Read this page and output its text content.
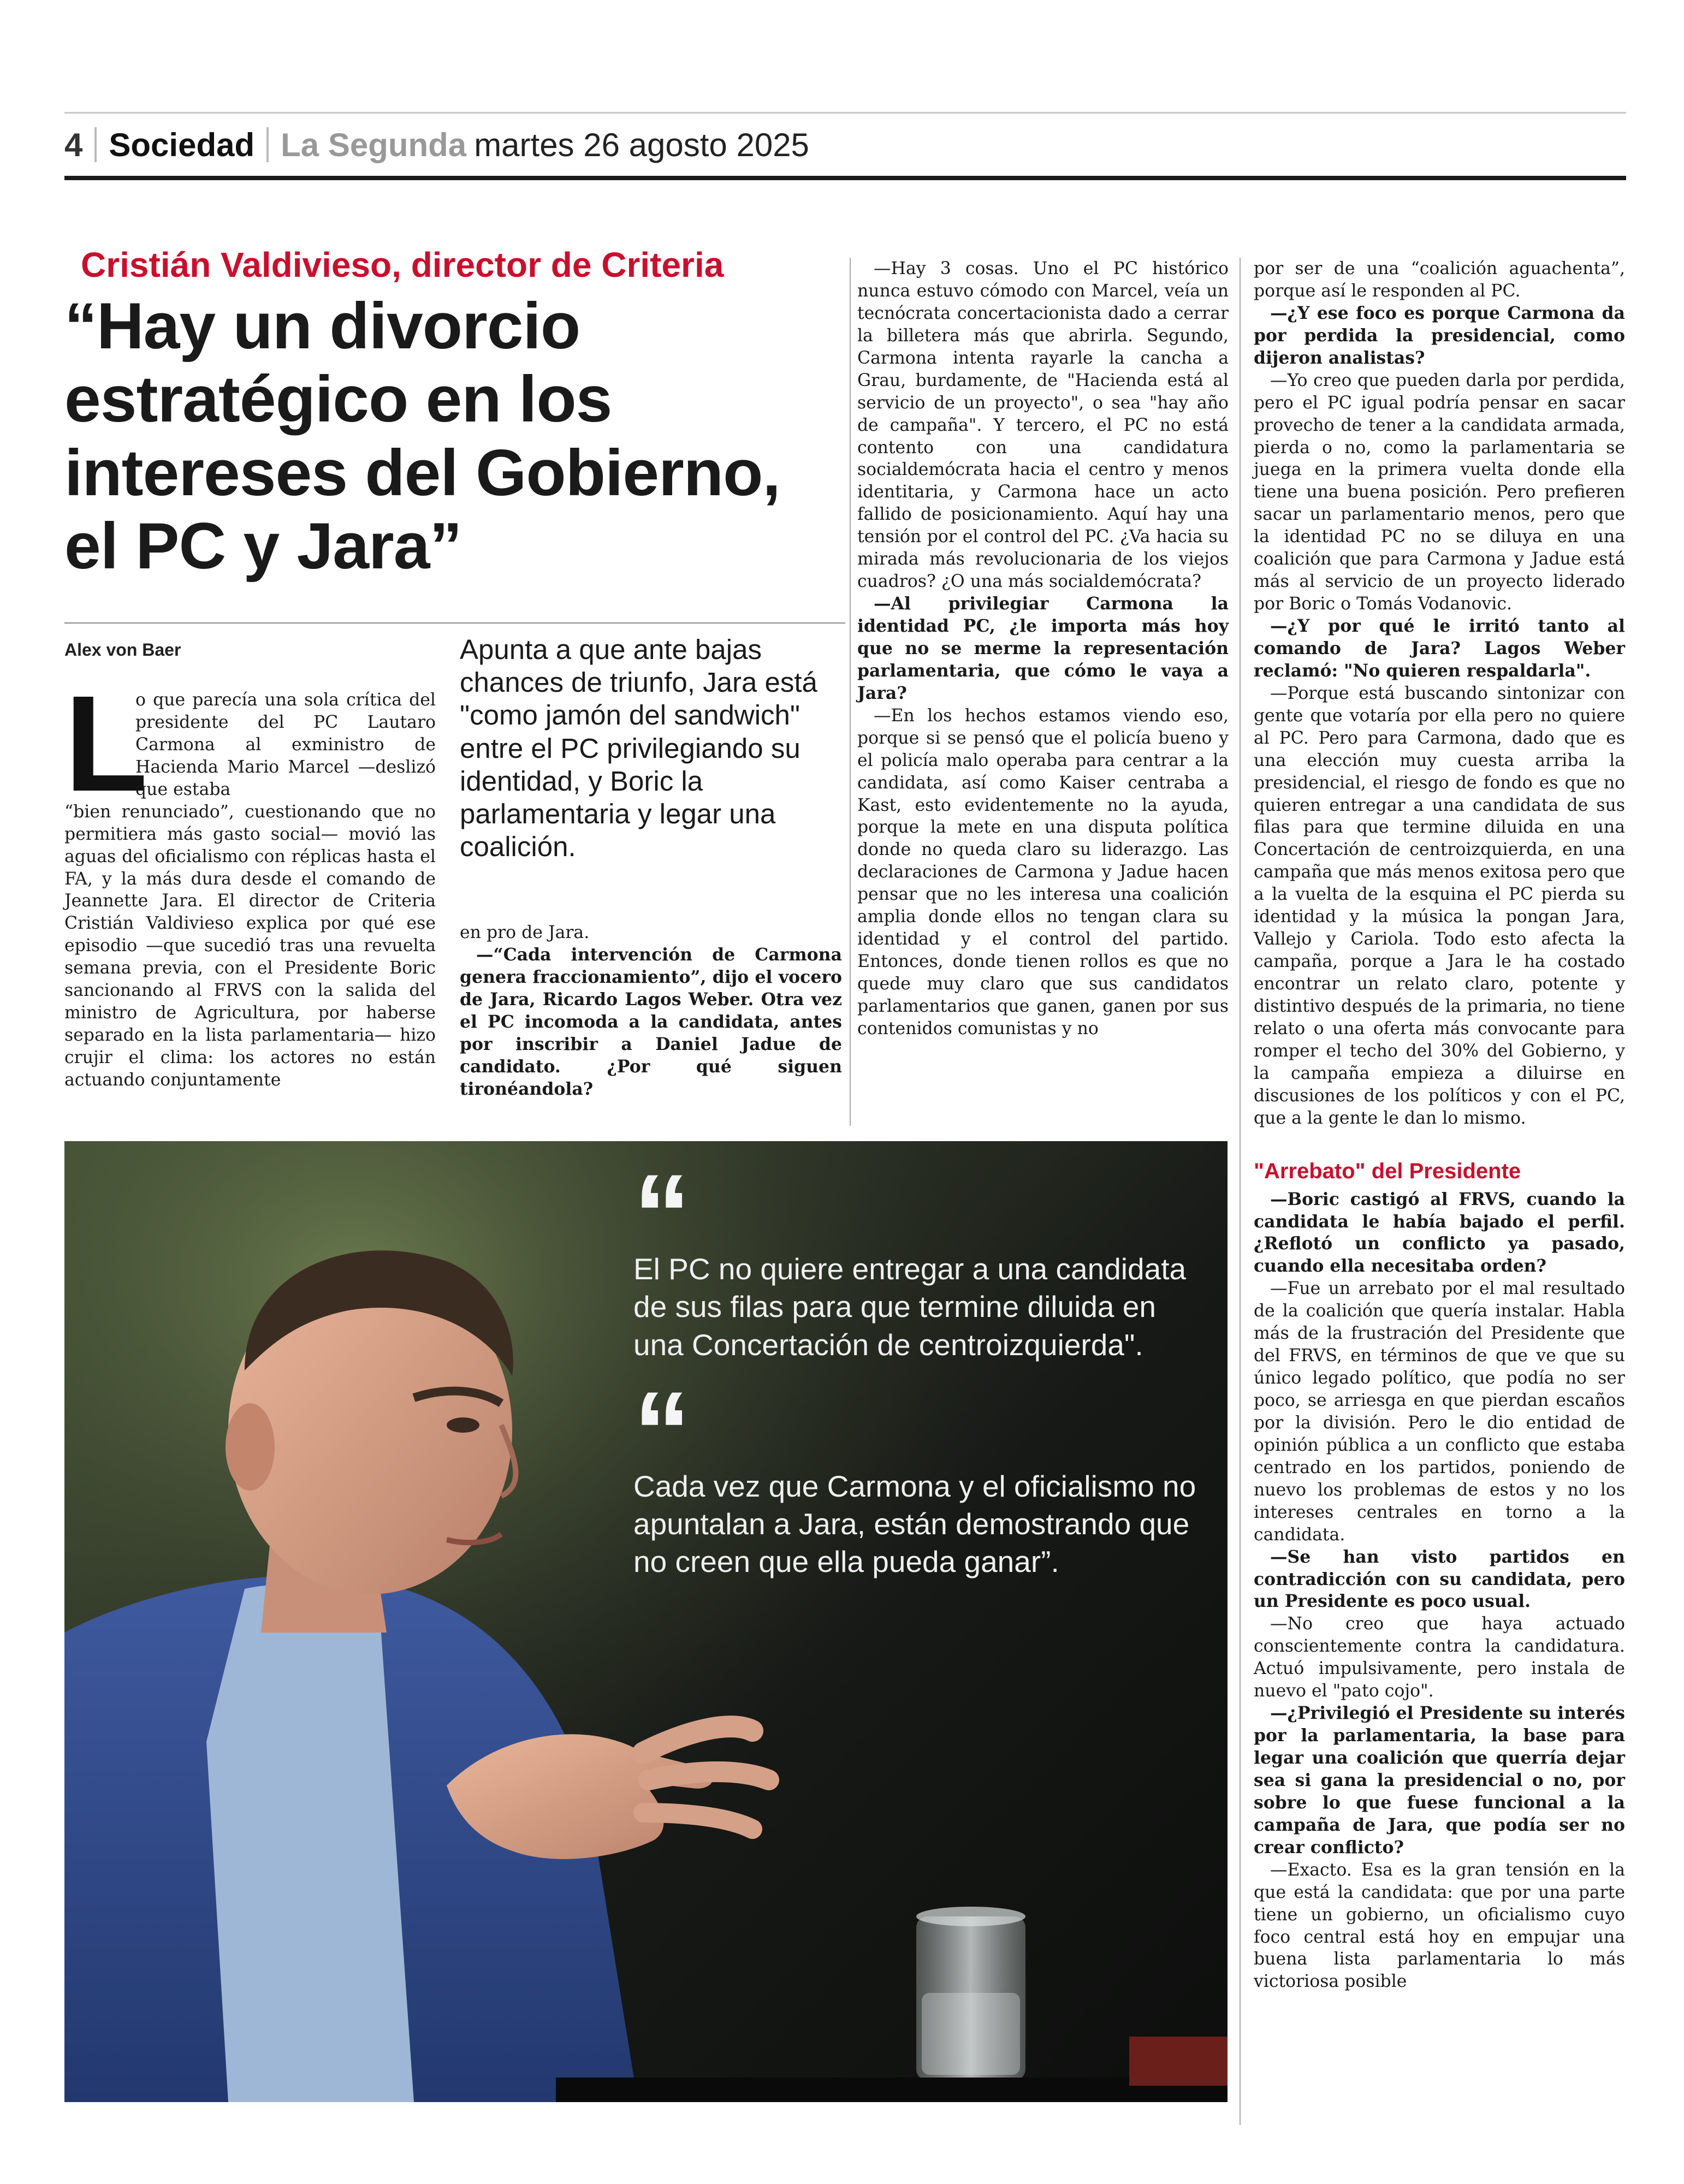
4 Sociedad La Segunda martes 26 agosto 2025
Cristián Valdivieso, director de Criteria
“Hay un divorcio estratégico en los intereses del Gobierno, el PC y Jara”
Alex von Baer
L

o que parecía una sola crítica del presidente del PC Lautaro Carmona al exministro de Hacienda Mario Marcel —deslizó que estaba
“bien renunciado”, cuestionando que no permitiera más gasto social— movió las aguas del oficialismo con réplicas hasta el FA, y la más dura desde el comando de Jeannette Jara. El director de Criteria Cristián Valdivieso explica por qué ese episodio —que sucedió tras una revuelta semana previa, con el Presidente Boric sancionando al FRVS con la salida del ministro de Agricultura, por haberse separado en la lista parlamentaria— hizo crujir el clima: los actores no están actuando conjuntamente

Apunta a que ante bajas chances de triunfo, Jara está "como jamón del sandwich" entre el PC privilegiando su identidad, y Boric la parlamentaria y legar una coalición.

en pro de Jara.

—“Cada intervención de Carmona genera fraccionamiento”, dijo el vocero de Jara, Ricardo Lagos Weber. Otra vez el PC incomoda a la candidata, antes por inscribir a Daniel Jadue de candidato. ¿Por qué siguen tironéandola?

—Hay 3 cosas. Uno el PC histórico nunca estuvo cómodo con Marcel, veía un tecnócrata concertacionista dado a cerrar la billetera más que abrirla. Segundo, Carmona intenta rayarle la cancha a Grau, burdamente, de "Hacienda está al servicio de un proyecto", o sea "hay año de campaña". Y tercero, el PC no está contento con una candidatura socialdemócrata hacia el centro y menos identitaria, y Carmona hace un acto fallido de posicionamiento. Aquí hay una tensión por el control del PC. ¿Va hacia su mirada más revolucionaria de los viejos cuadros? ¿O una más socialdemócrata?

—Al privilegiar Carmona la identidad PC, ¿le importa más hoy que no se merme la representación parlamentaria, que cómo le vaya a Jara?

—En los hechos estamos viendo eso, porque si se pensó que el policía bueno y el policía malo operaba para centrar a la candidata, así como Kaiser centraba a Kast, esto evidentemente no la ayuda, porque la mete en una disputa política donde no queda claro su liderazgo. Las declaraciones de Carmona y Jadue hacen pensar que no les interesa una coalición amplia donde ellos no tengan clara su identidad y el control del partido. Entonces, donde tienen rollos es que no quede muy claro que sus candidatos parlamentarios que ganen, ganen por sus contenidos comunistas y no

por ser de una “coalición aguachenta”, porque así le responden al PC.

—¿Y ese foco es porque Carmona da por perdida la presidencial, como dijeron analistas?

—Yo creo que pueden darla por perdida, pero el PC igual podría pensar en sacar provecho de tener a la candidata armada, pierda o no, como la parlamentaria se juega en la primera vuelta donde ella tiene una buena posición. Pero prefieren sacar un parlamentario menos, pero que la identidad PC no se diluya en una coalición que para Carmona y Jadue está más al servicio de un proyecto liderado por Boric o Tomás Vodanovic.

—¿Y por qué le irritó tanto al comando de Jara? Lagos Weber reclamó: "No quieren respaldarla".

—Porque está buscando sintonizar con gente que votaría por ella pero no quiere al PC. Pero para Carmona, dado que es una elección muy cuesta arriba la presidencial, el riesgo de fondo es que no quieren entregar a una candidata de sus filas para que termine diluida en una Concertación de centroizquierda, en una campaña que más menos exitosa pero que a la vuelta de la esquina el PC pierda su identidad y la música la pongan Jara, Vallejo y Cariola. Todo esto afecta la campaña, porque a Jara le ha costado encontrar un relato claro, potente y distintivo después de la primaria, no tiene relato o una oferta más convocante para romper el techo del 30% del Gobierno, y la campaña empieza a diluirse en discusiones de los políticos y con el PC, que a la gente le dan lo mismo.

"Arrebato" del Presidente

—Boric castigó al FRVS, cuando la candidata le había bajado el perfil. ¿Reflotó un conflicto ya pasado, cuando ella necesitaba orden?

—Fue un arrebato por el mal resultado de la coalición que quería instalar. Habla más de la frustración del Presidente que del FRVS, en términos de que ve que su único legado político, que podía no ser poco, se arriesga en que pierdan escaños por la división. Pero le dio entidad de opinión pública a un conflicto que estaba centrado en los partidos, poniendo de nuevo los problemas de estos y no los intereses centrales en torno a la candidata.

—Se han visto partidos en contradicción con su candidata, pero un Presidente es poco usual.

—No creo que haya actuado conscientemente contra la candidatura. Actuó impulsivamente, pero instala de nuevo el "pato cojo".

—¿Privilegió el Presidente su interés por la parlamentaria, la base para legar una coalición que querría dejar sea si gana la presidencial o no, por sobre lo que fuese funcional a la campaña de Jara, que podía ser no crear conflicto?

—Exacto. Esa es la gran tensión en la que está la candidata: que por una parte tiene un gobierno, un oficialismo cuyo foco central está hoy en empujar una buena lista parlamentaria lo más victoriosa posible

“
El PC no quiere entregar a una candidata de sus filas para que termine diluida en una Concertación de centroizquierda".
“
Cada vez que Carmona y el oficialismo no apuntalan a Jara, están demostrando que no creen que ella pueda ganar”.
